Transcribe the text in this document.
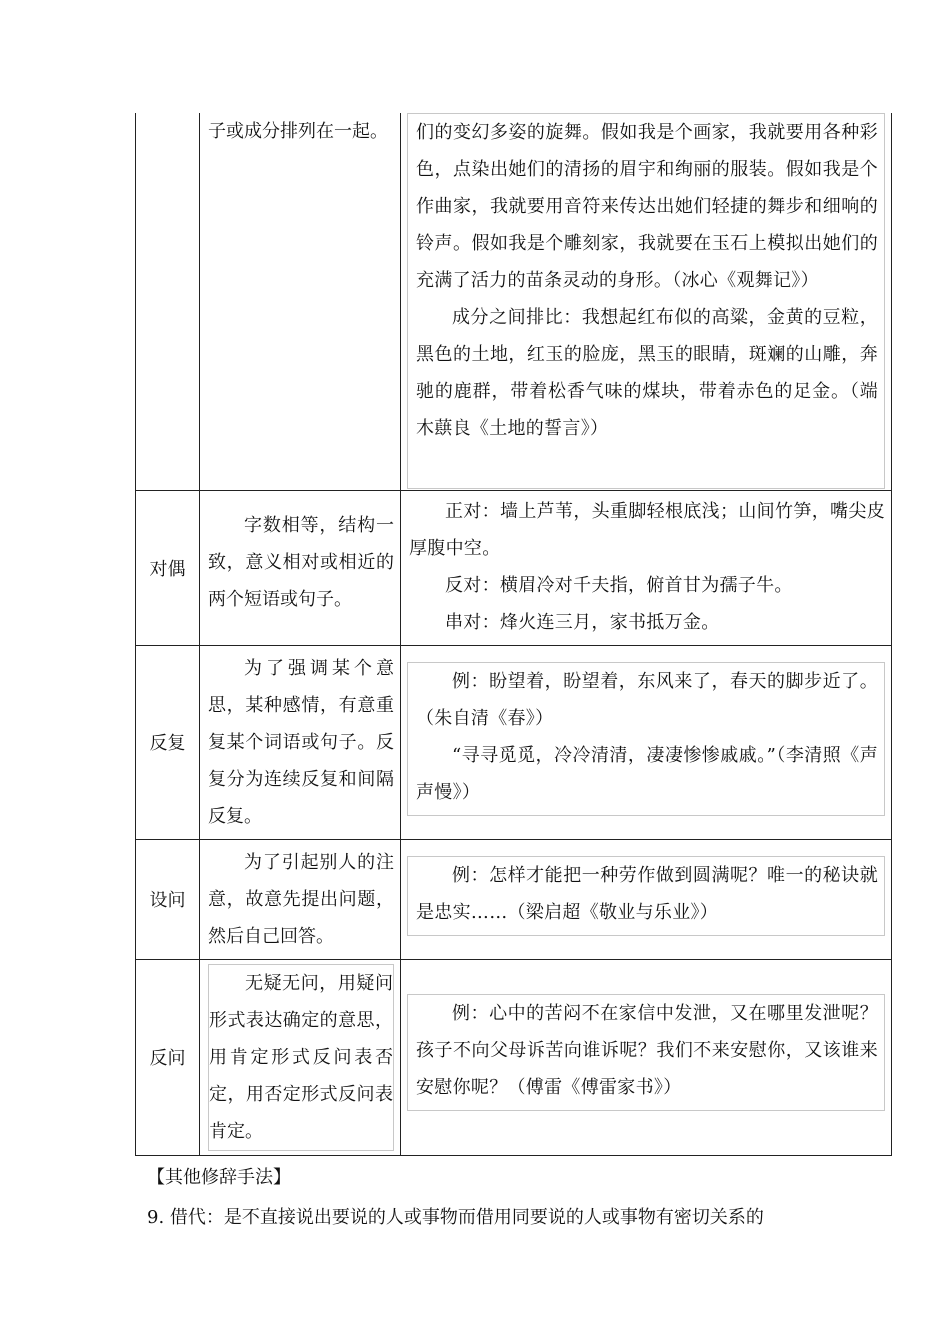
	子或成分排列在一起。	们的变幻多姿的旋舞。假如我是个画家，我就要用各种彩色，点染出她们的清扬的眉宇和绚丽的服装。假如我是个作曲家，我就要用音符来传达出她们轻捷的舞步和细响的铃声。假如我是个雕刻家，我就要在玉石上模拟出她们的充满了活力的苗条灵动的身形。（冰心《观舞记》）

成分之间排比：我想起红布似的高粱，金黄的豆粒，黑色的土地，红玉的脸庞，黑玉的眼睛，斑斓的山雕，奔驰的鹿群，带着松香气味的煤块，带着赤色的足金。（端木蕻良《土地的誓言》）

对偶	字数相等，结构一致，意义相对或相近的两个短语或句子。	正对：墙上芦苇，头重脚轻根底浅；山间竹笋，嘴尖皮厚腹中空。

反对：横眉冷对千夫指，俯首甘为孺子牛。

串对：烽火连三月，家书抵万金。

反复	为了强调某个意思，某种感情，有意重复某个词语或句子。反复分为连续反复和间隔反复。	例：盼望着，盼望着，东风来了，春天的脚步近了。（朱自清《春》）

“寻寻觅觅，冷冷清清，凄凄惨惨戚戚。”（李清照《声声慢》）

设问	为了引起别人的注意，故意先提出问题，然后自己回答。	例：怎样才能把一种劳作做到圆满呢？唯一的秘诀就是忠实……（梁启超《敬业与乐业》）

反问	无疑无问，用疑问形式表达确定的意思，用肯定形式反问表否定，用否定形式反问表肯定。	例：心中的苦闷不在家信中发泄，又在哪里发泄呢？孩子不向父母诉苦向谁诉呢？我们不来安慰你，又该谁来安慰你呢？（傅雷《傅雷家书》）

【其他修辞手法】
9. 借代：是不直接说出要说的人或事物而借用同要说的人或事物有密切关系的
